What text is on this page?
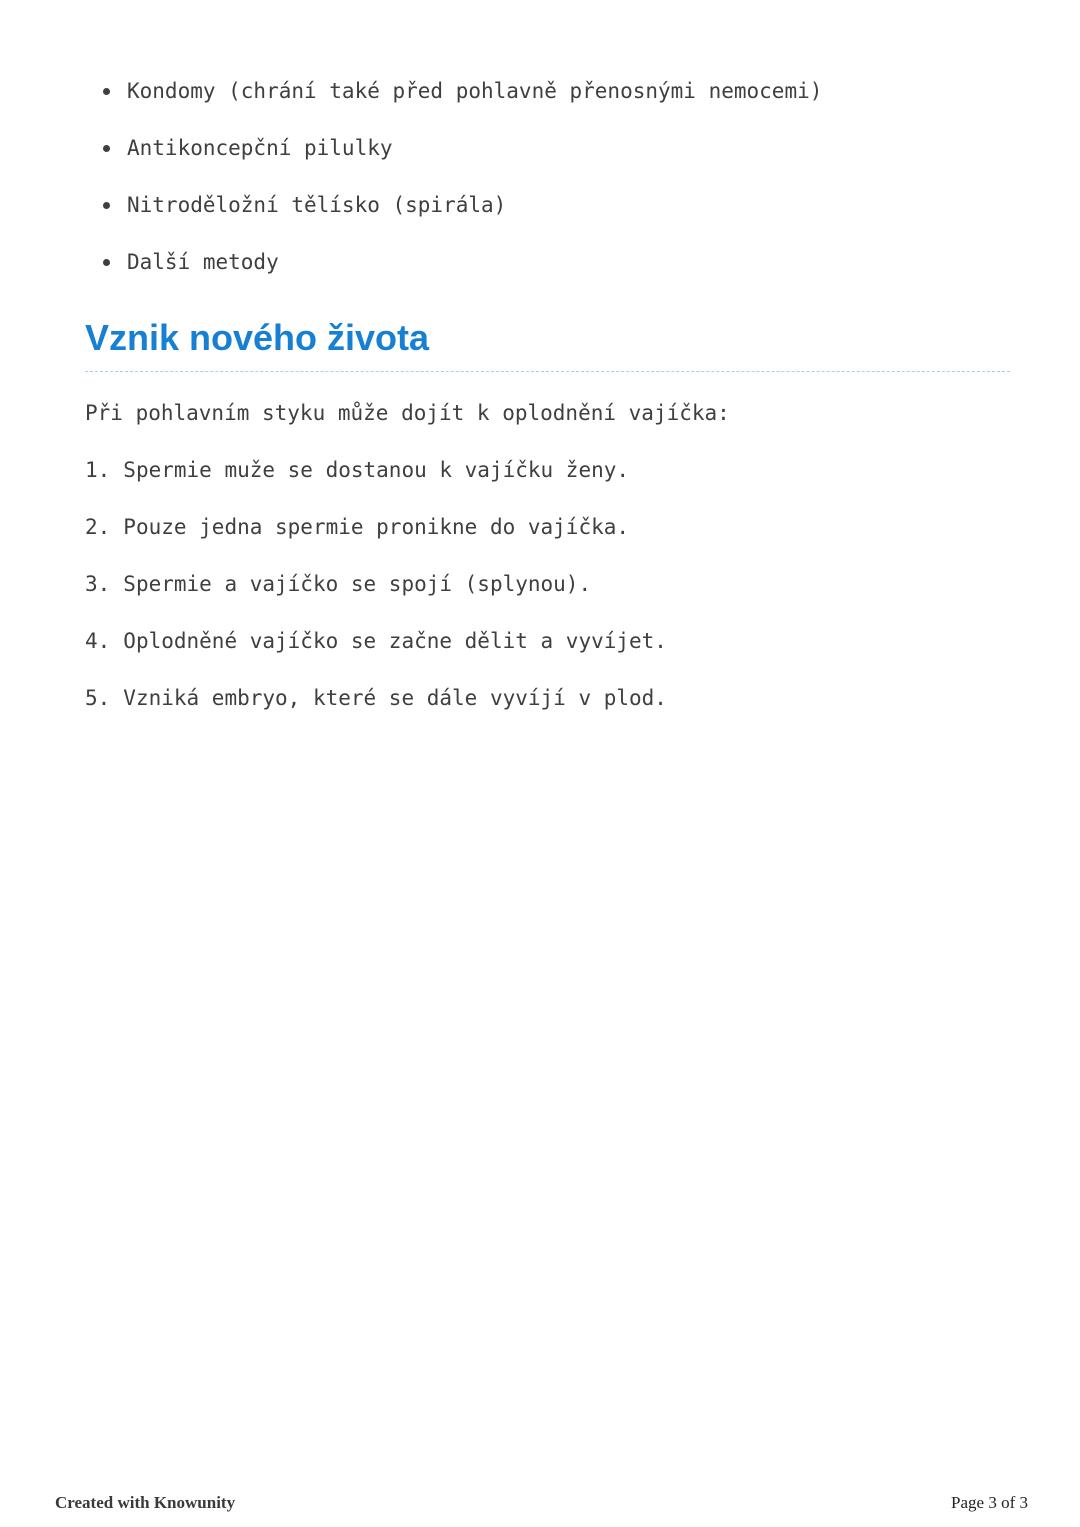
Kondomy (chrání také před pohlavně přenosnými nemocemi)
Antikoncepční pilulky
Nitroděložní tělísko (spirála)
Další metody
Vznik nového života

Při pohlavním styku může dojít k oplodnění vajíčka:

1. Spermie muže se dostanou k vajíčku ženy.
2. Pouze jedna spermie pronikne do vajíčka.
3. Spermie a vajíčko se spojí (splynou).
4. Oplodněné vajíčko se začne dělit a vyvíjet.
5. Vzniká embryo, které se dále vyvíjí v plod.
Created with Knowunity	Page 3 of 3
